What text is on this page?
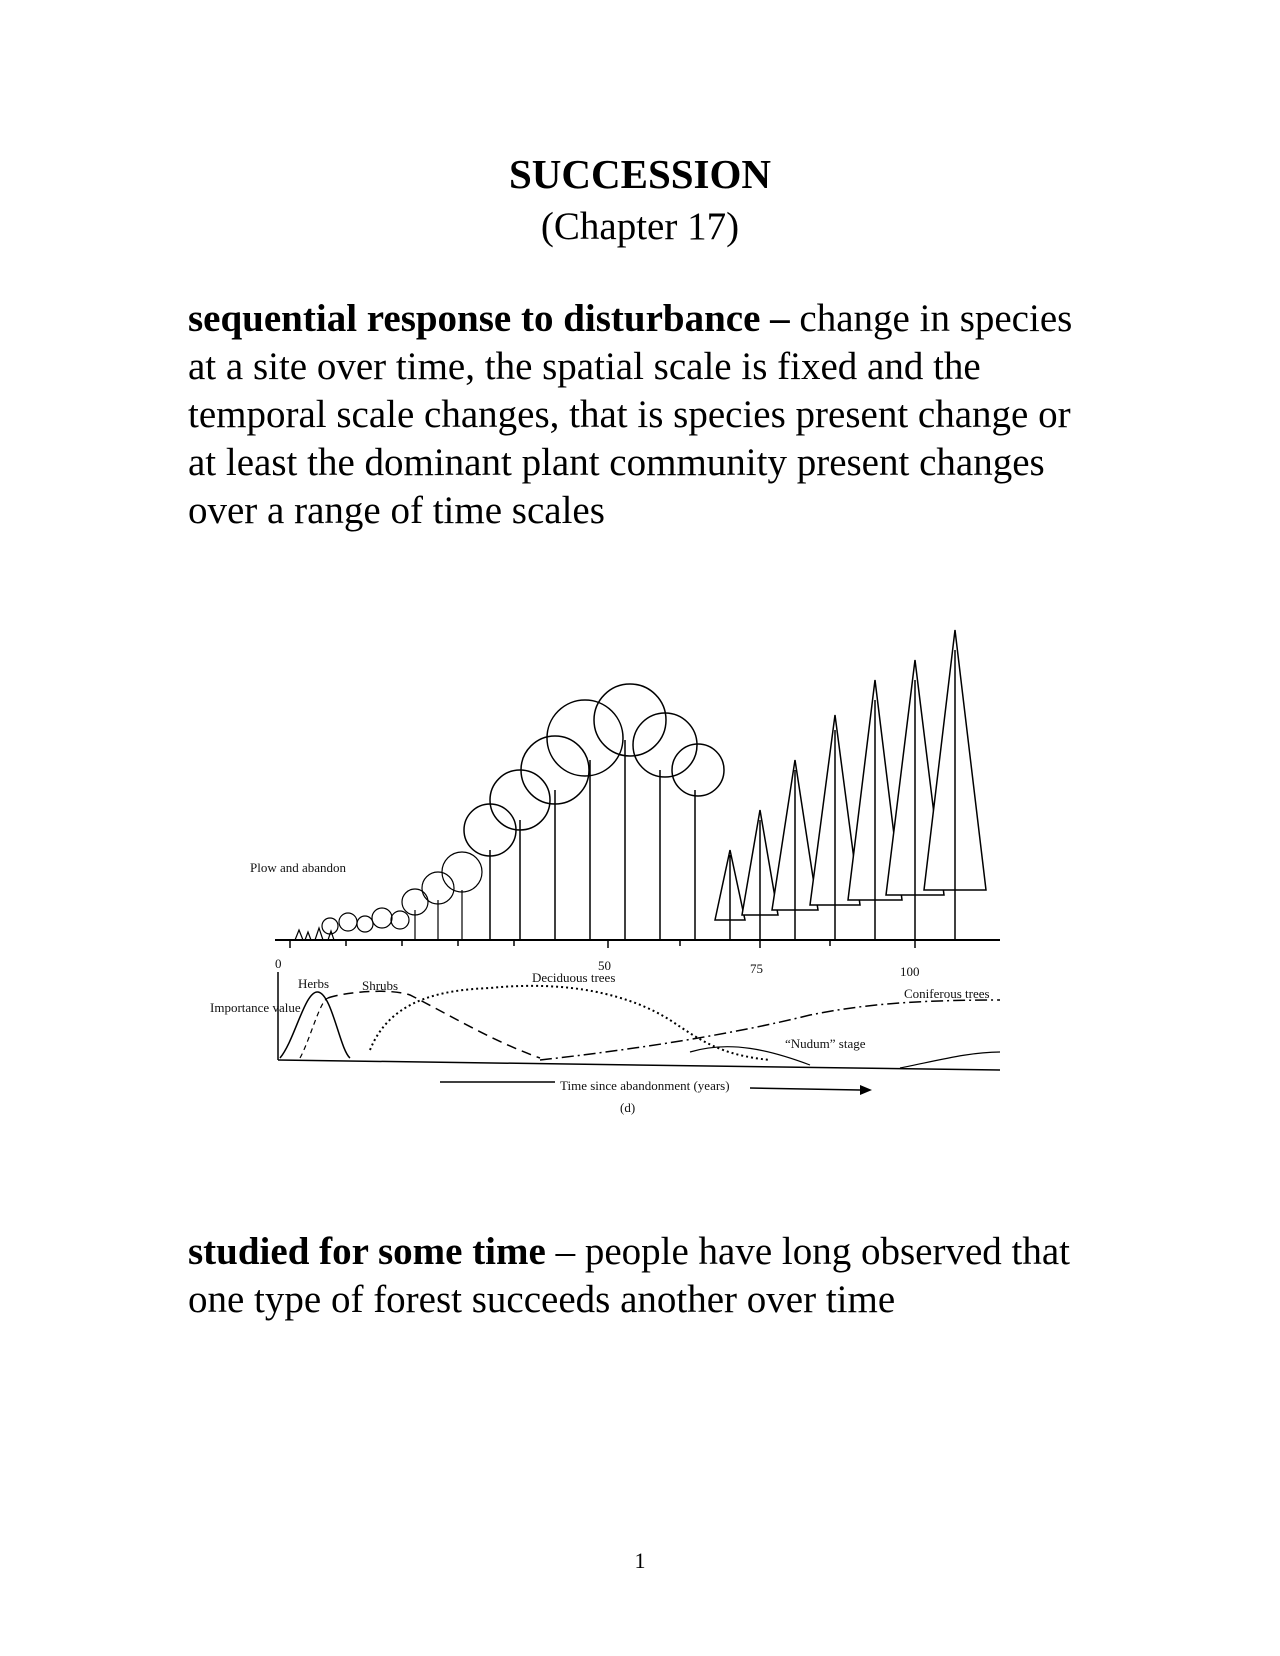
SUCCESSION
(Chapter 17)
sequential response to disturbance – change in species at a site over time, the spatial scale is fixed and the temporal scale changes, that is species present change or at least the dominant plant community present changes over a range of time scales
Plow and abandon
0	50	75	100
Importance value
Herbs	Shrubs
Deciduous trees
Coniferous trees
“Nudum” stage
Time since abandonment (years)
(d)
studied for some time – people have long observed that one type of forest succeeds another over time
1
